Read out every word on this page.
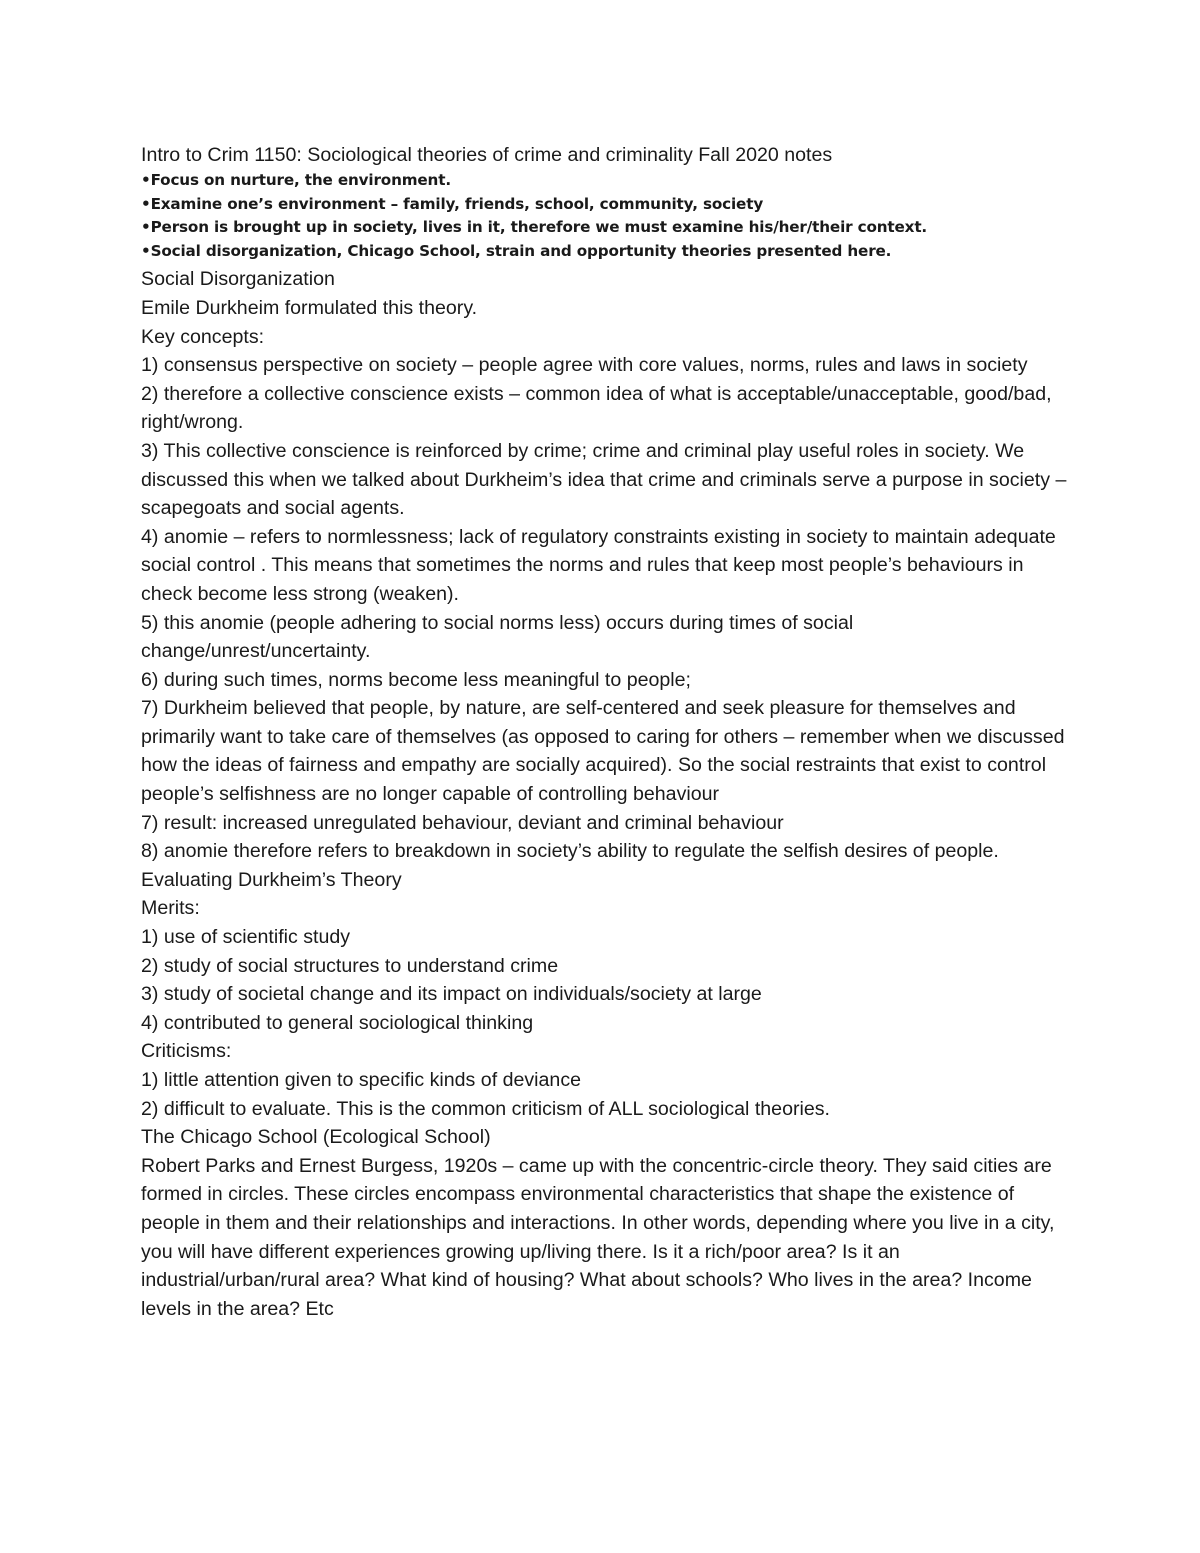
Intro to Crim 1150: Sociological theories of crime and criminality Fall 2020 notes

• Focus on nurture, the environment.
• Examine one’s environment – family, friends, school, community, society
• Person is brought up in society, lives in it, therefore we must examine his/her/their context.
• Social disorganization, Chicago School, strain and opportunity theories presented here.

Social Disorganization

Emile Durkheim formulated this theory.

Key concepts:

1) consensus perspective on society – people agree with core values, norms, rules and laws in society

2) therefore a collective conscience exists – common idea of what is acceptable/unacceptable, good/bad, right/wrong.

3) This collective conscience is reinforced by crime; crime and criminal play useful roles in society. We discussed this when we talked about Durkheim’s idea that crime and criminals serve a purpose in society – scapegoats and social agents.

4) anomie – refers to normlessness; lack of regulatory constraints existing in society to maintain adequate social control . This means that sometimes the norms and rules that keep most people’s behaviours in check become less strong (weaken).

5) this anomie (people adhering to social norms less) occurs during times of social change/unrest/uncertainty.

6) during such times, norms become less meaningful to people;

7) Durkheim believed that people, by nature, are self-centered and seek pleasure for themselves and primarily want to take care of themselves (as opposed to caring for others – remember when we discussed how the ideas of fairness and empathy are socially acquired). So the social restraints that exist to control people’s selfishness are no longer capable of controlling behaviour

7) result: increased unregulated behaviour, deviant and criminal behaviour

8) anomie therefore refers to breakdown in society’s ability to regulate the selfish desires of people.

Evaluating Durkheim’s Theory

Merits:

1) use of scientific study

2) study of social structures to understand crime

3) study of societal change and its impact on individuals/society at large

4) contributed to general sociological thinking

Criticisms:

1) little attention given to specific kinds of deviance

2) difficult to evaluate. This is the common criticism of ALL sociological theories.

The Chicago School (Ecological School)

Robert Parks and Ernest Burgess, 1920s – came up with the concentric-circle theory. They said cities are formed in circles. These circles encompass environmental characteristics that shape the existence of people in them and their relationships and interactions. In other words, depending where you live in a city, you will have different experiences growing up/living there. Is it a rich/poor area? Is it an industrial/urban/rural area? What kind of housing? What about schools? Who lives in the area? Income levels in the area? Etc
